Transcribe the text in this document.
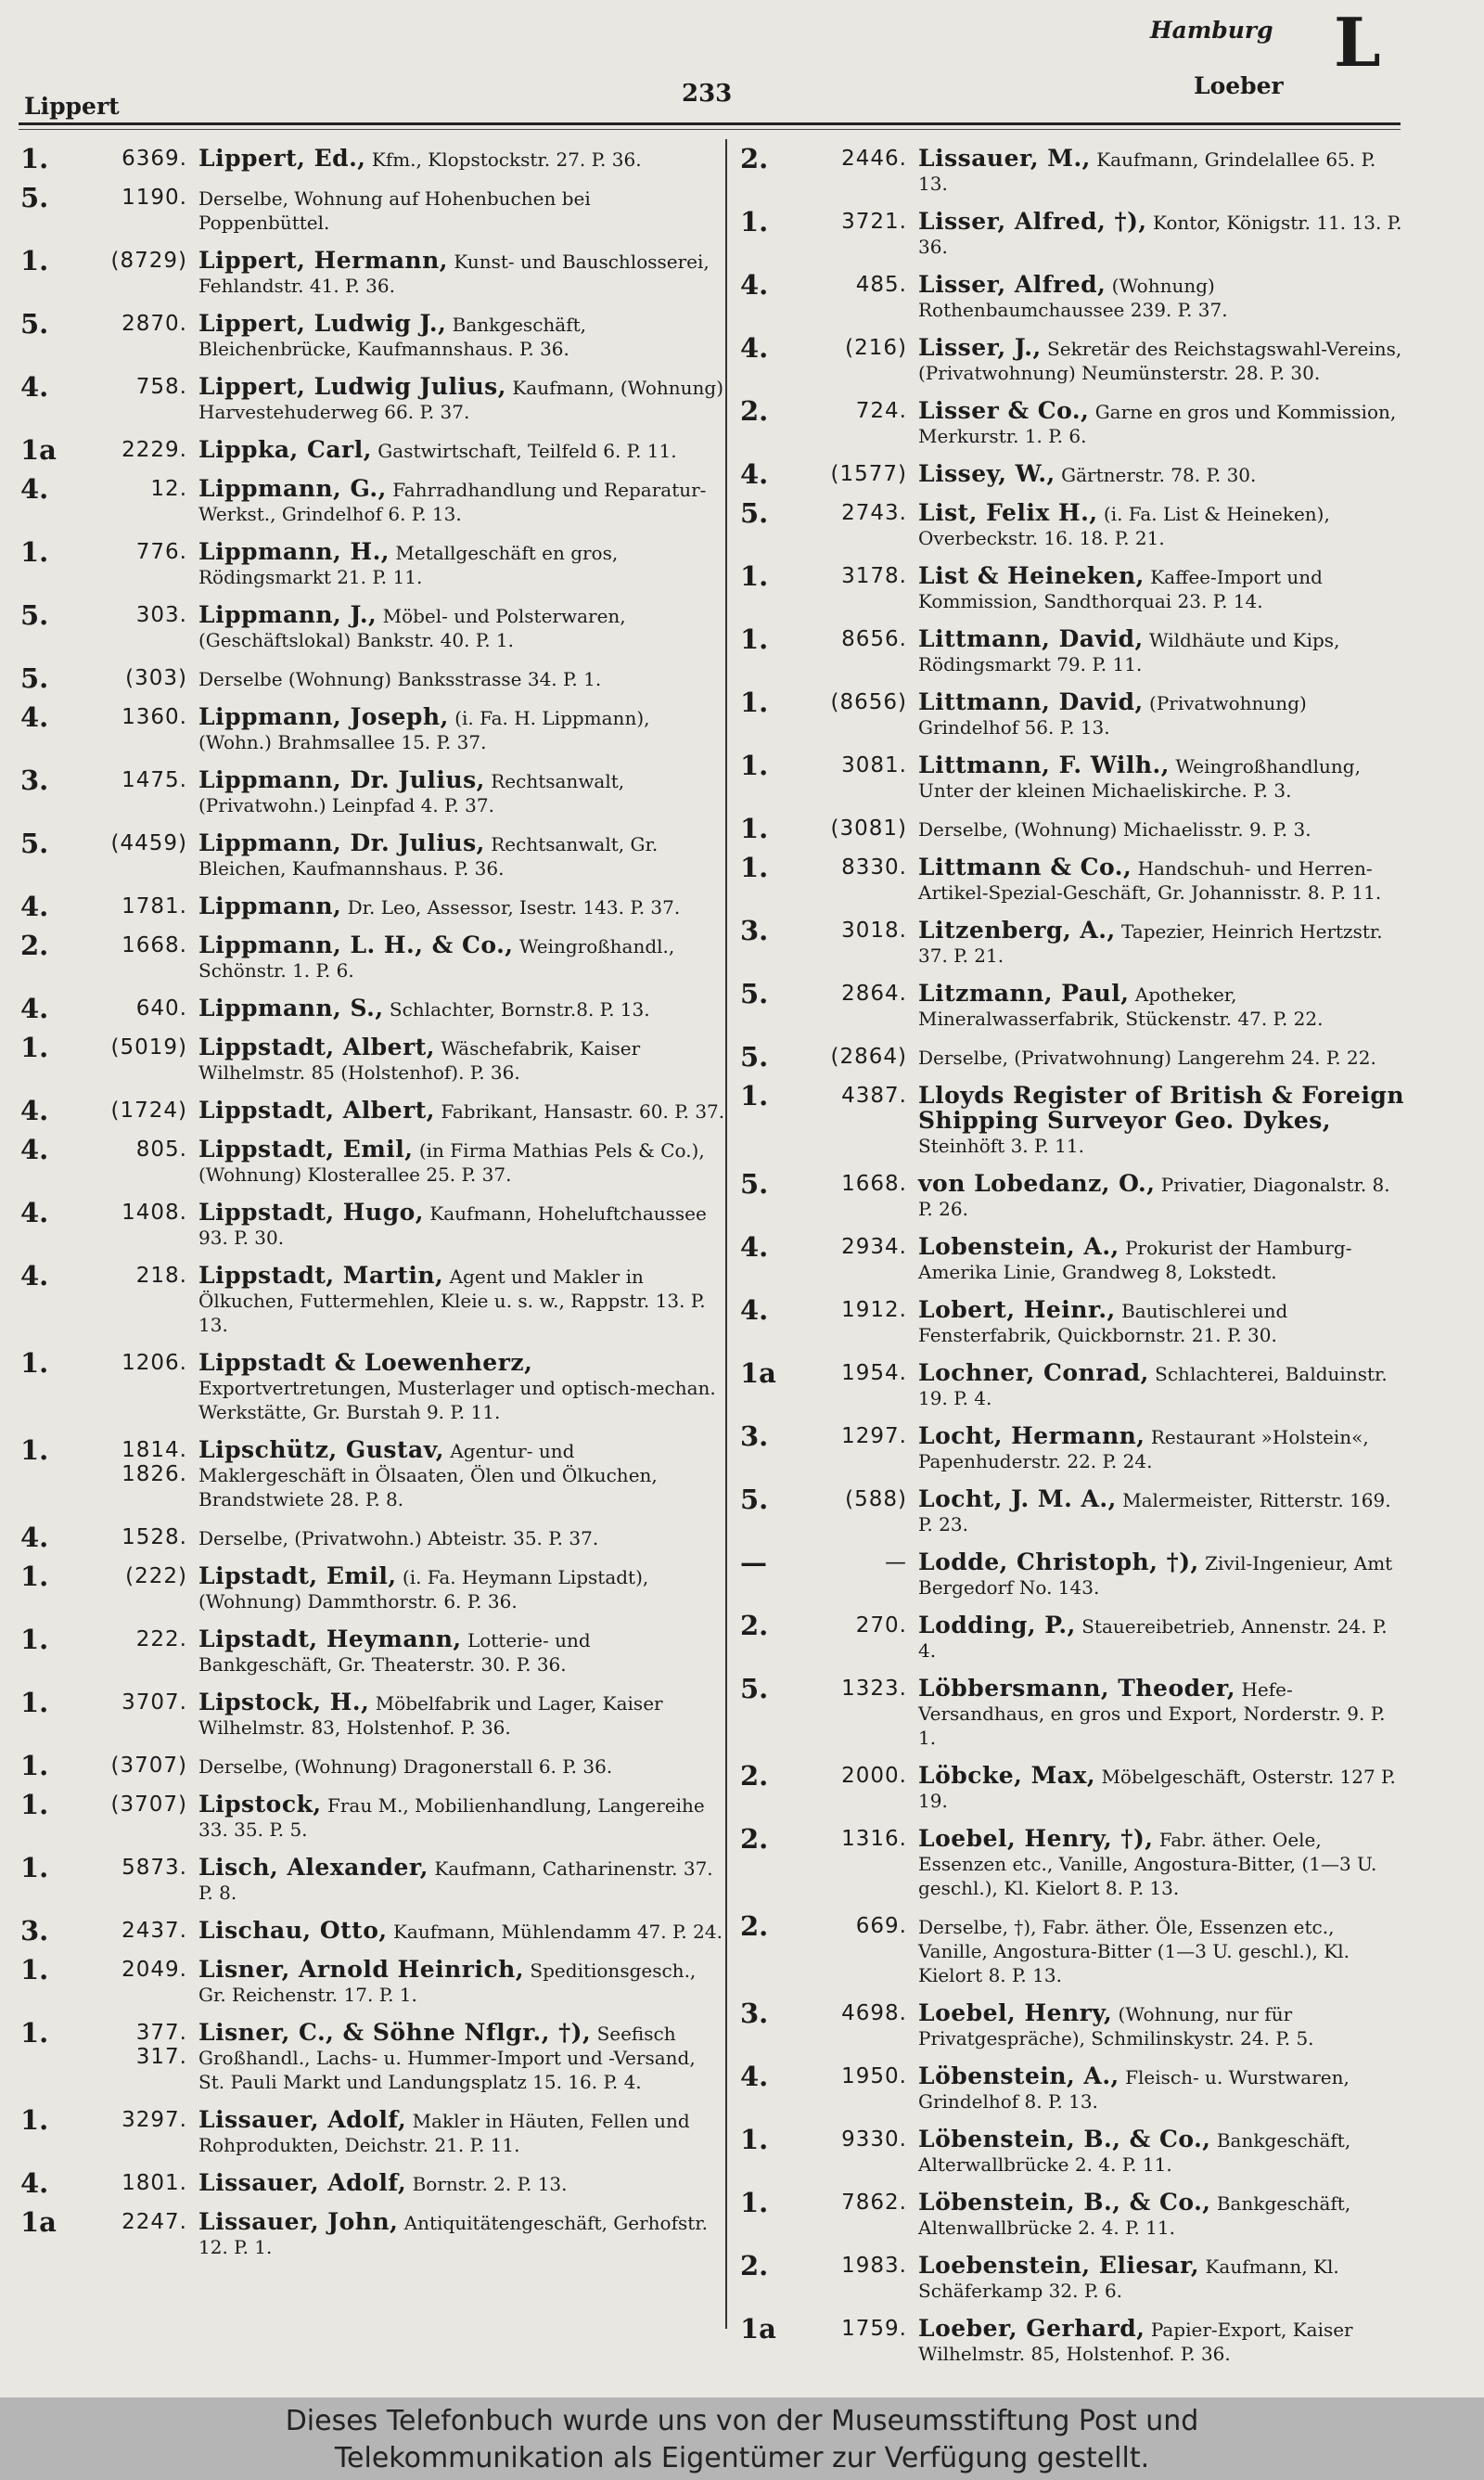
Lippert	233
Hamburg
Loeber
L
1.	6369. Lippert, Ed., Kfm., Klopstockstr. 27. P. 36.
5.	1190. Derselbe, Wohnung auf Hohenbuchen bei Poppenbüttel.
1.	(8729) Lippert, Hermann, Kunst- und Bauschlosserei, Fehlandstr. 41. P. 36.
5.	2870. Lippert, Ludwig J., Bankgeschäft, Bleichenbrücke, Kaufmannshaus. P. 36.
4.	758. Lippert, Ludwig Julius, Kaufmann, (Wohnung) Harvestehuderweg 66. P. 37.
1a	2229. Lippka, Carl, Gastwirtschaft, Teilfeld 6. P. 11.
4.	12. Lippmann, G., Fahrradhandlung und Reparatur-Werkst., Grindelhof 6. P. 13.
1.	776. Lippmann, H., Metallgeschäft en gros, Rödingsmarkt 21. P. 11.
5.	303. Lippmann, J., Möbel- und Polsterwaren, (Geschäftslokal) Bankstr. 40. P. 1.
5.	(303) Derselbe (Wohnung) Banksstrasse 34. P. 1.
4.	1360. Lippmann, Joseph, (i. Fa. H. Lippmann), (Wohn.) Brahmsallee 15. P. 37.
3.	1475. Lippmann, Dr. Julius, Rechtsanwalt, (Privatwohn.) Leinpfad 4. P. 37.
5.	(4459) Lippmann, Dr. Julius, Rechtsanwalt, Gr. Bleichen, Kaufmannshaus. P. 36.
4.	1781. Lippmann, Dr. Leo, Assessor, Isestr. 143. P. 37.
2.	1668. Lippmann, L. H., & Co., Weingroßhandl., Schönstr. 1. P. 6.
4.	640. Lippmann, S., Schlachter, Bornstr.8. P. 13.
1.	(5019) Lippstadt, Albert, Wäschefabrik, Kaiser Wilhelmstr. 85 (Holstenhof). P. 36.
4.	(1724) Lippstadt, Albert, Fabrikant, Hansastr. 60. P. 37.
4.	805. Lippstadt, Emil, (in Firma Mathias Pels & Co.), (Wohnung) Klosterallee 25. P. 37.
4.	1408. Lippstadt, Hugo, Kaufmann, Hoheluftchaussee 93. P. 30.
4.	218. Lippstadt, Martin, Agent und Makler in Ölkuchen, Futtermehlen, Kleie u. s. w., Rappstr. 13. P. 13.
1.	1206. Lippstadt & Loewenherz, Exportvertretungen, Musterlager und optisch-mechan. Werkstätte, Gr. Burstah 9. P. 11.
1.	1814. 1826.
Lipschütz, Gustav, Agentur- und Maklergeschäft in Ölsaaten, Ölen und Ölkuchen, Brandstwiete 28. P. 8.
4.	1528. Derselbe, (Privatwohn.) Abteistr. 35. P. 37.
1.	(222) Lipstadt, Emil, (i. Fa. Heymann Lipstadt), (Wohnung) Dammthorstr. 6. P. 36.
1.	222. Lipstadt, Heymann, Lotterie- und Bankgeschäft, Gr. Theaterstr. 30. P. 36.
1.	3707. Lipstock, H., Möbelfabrik und Lager, Kaiser Wilhelmstr. 83, Holstenhof. P. 36.
1.	(3707) Derselbe, (Wohnung) Dragonerstall 6. P. 36.
1.	(3707) Lipstock, Frau M., Mobilienhandlung, Langereihe 33. 35. P. 5.
1.	5873. Lisch, Alexander, Kaufmann, Catharinenstr. 37. P. 8.
3.	2437. Lischau, Otto, Kaufmann, Mühlendamm 47. P. 24.
1.	2049. Lisner, Arnold Heinrich, Speditionsgesch., Gr. Reichenstr. 17. P. 1.
1.	377. 317.
Lisner, C., & Söhne Nflgr., †), Seefisch Großhandl., Lachs- u. Hummer-Import und -Versand, St. Pauli Markt und Landungsplatz 15. 16. P. 4.
1.	3297. Lissauer, Adolf, Makler in Häuten, Fellen und Rohprodukten, Deichstr. 21. P. 11.
4.	1801. Lissauer, Adolf, Bornstr. 2. P. 13.
1a	2247. Lissauer, John, Antiquitätengeschäft, Gerhofstr. 12. P. 1.
2.	2446. Lissauer, M., Kaufmann, Grindelallee 65. P. 13.
1.	3721. Lisser, Alfred, †), Kontor, Königstr. 11. 13. P. 36.
4.	485. Lisser, Alfred, (Wohnung) Rothenbaumchaussee 239. P. 37.
4.	(216) Lisser, J., Sekretär des Reichstagswahl-Vereins, (Privatwohnung) Neumünsterstr. 28. P. 30.
2.	724. Lisser & Co., Garne en gros und Kommission, Merkurstr. 1. P. 6.
4.	(1577) Lissey, W., Gärtnerstr. 78. P. 30.
5.	2743. List, Felix H., (i. Fa. List & Heineken), Overbeckstr. 16. 18. P. 21.
1.	3178. List & Heineken, Kaffee-Import und Kommission, Sandthorquai 23. P. 14.
1.	8656. Littmann, David, Wildhäute und Kips, Rödingsmarkt 79. P. 11.
1.	(8656) Littmann, David, (Privatwohnung) Grindelhof 56. P. 13.
1.	3081. Littmann, F. Wilh., Weingroßhandlung, Unter der kleinen Michaeliskirche. P. 3.
1.	(3081) Derselbe, (Wohnung) Michaelisstr. 9. P. 3.
1.	8330. Littmann & Co., Handschuh- und Herren-Artikel-Spezial-Geschäft, Gr. Johannisstr. 8. P. 11.
3.	3018. Litzenberg, A., Tapezier, Heinrich Hertzstr. 37. P. 21.
5.	2864. Litzmann, Paul, Apotheker, Mineralwasserfabrik, Stückenstr. 47. P. 22.
5.	(2864) Derselbe, (Privatwohnung) Langerehm 24. P. 22.
1.	4387. Lloyds Register of British & Foreign Shipping Surveyor Geo. Dykes, Steinhöft 3. P. 11.
5.	1668. von Lobedanz, O., Privatier, Diagonalstr. 8. P. 26.
4.	2934. Lobenstein, A., Prokurist der Hamburg-Amerika Linie, Grandweg 8, Lokstedt.
4.	1912. Lobert, Heinr., Bautischlerei und Fensterfabrik, Quickbornstr. 21. P. 30.
1a	1954. Lochner, Conrad, Schlachterei, Balduinstr. 19. P. 4.
3.	1297. Locht, Hermann, Restaurant »Holstein«, Papenhuderstr. 22. P. 24.
5.	(588) Locht, J. M. A., Malermeister, Ritterstr. 169. P. 23.
—	— Lodde, Christoph, †), Zivil-Ingenieur, Amt Bergedorf No. 143.
2.	270. Lodding, P., Stauereibetrieb, Annenstr. 24. P. 4.
5.	1323. Löbbersmann, Theoder, Hefe-Versandhaus, en gros und Export, Norderstr. 9. P. 1.
2.	2000. Löbcke, Max, Möbelgeschäft, Osterstr. 127 P. 19.
2.	1316. Loebel, Henry, †), Fabr. äther. Oele, Essenzen etc., Vanille, Angostura-Bitter, (1—3 U. geschl.), Kl. Kielort 8. P. 13.
2.	669. Derselbe, †), Fabr. äther. Öle, Essenzen etc., Vanille, Angostura-Bitter (1—3 U. geschl.), Kl. Kielort 8. P. 13.
3.	4698. Loebel, Henry, (Wohnung, nur für Privatgespräche), Schmilinskystr. 24. P. 5.
4.	1950. Löbenstein, A., Fleisch- u. Wurstwaren, Grindelhof 8. P. 13.
1.	9330. Löbenstein, B., & Co., Bankgeschäft, Alterwallbrücke 2. 4. P. 11.
1.	7862. Löbenstein, B., & Co., Bankgeschäft, Altenwallbrücke 2. 4. P. 11.
2.	1983. Loebenstein, Eliesar, Kaufmann, Kl. Schäferkamp 32. P. 6.
1a	1759. Loeber, Gerhard, Papier-Export, Kaiser Wilhelmstr. 85, Holstenhof. P. 36.
Dieses Telefonbuch wurde uns von der Museumsstiftung Post und
Telekommunikation als Eigentümer zur Verfügung gestellt.
